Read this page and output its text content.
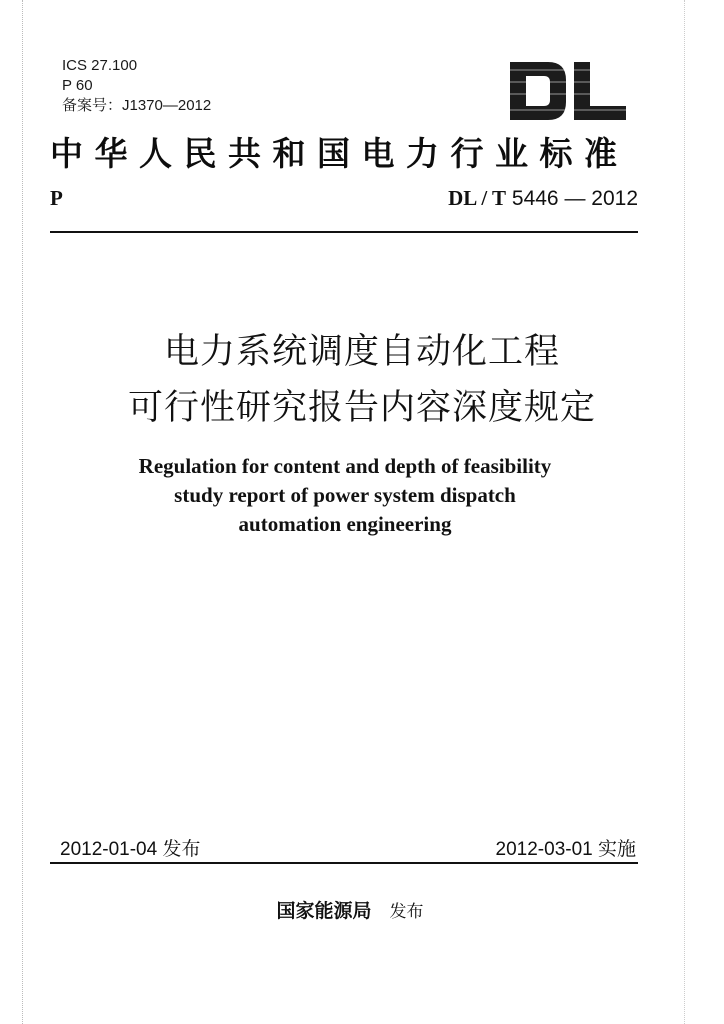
ICS 27.100
P 60
备案号：J1370—2012
中华人民共和国电力行业标准
P	DL / T 5446 — 2012
电力系统调度自动化工程
可行性研究报告内容深度规定
Regulation for content and depth of feasibility
study report of power system dispatch
automation engineering
2012-01-04 发布	2012-03-01 实施
国家能源局 发布
